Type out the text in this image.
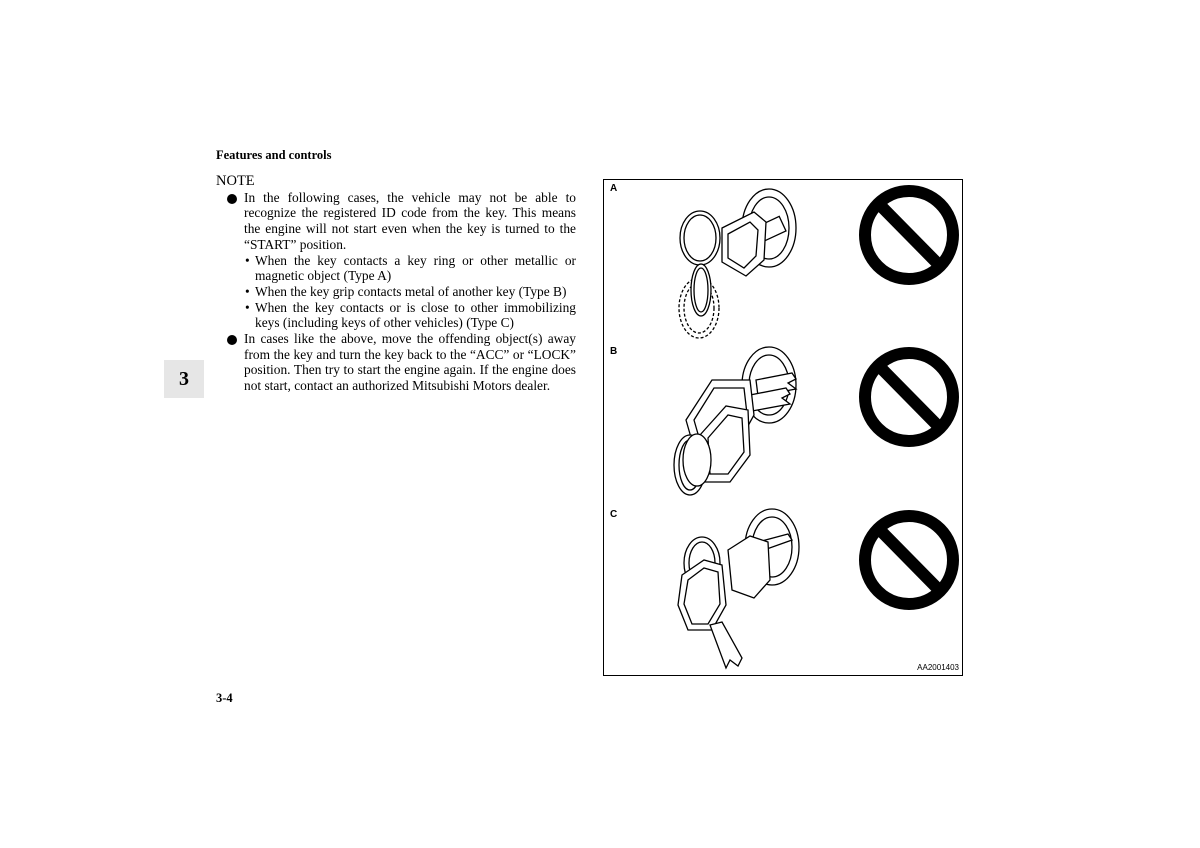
Features and controls
3
NOTE
In the following cases, the vehicle may not be able to recognize the registered ID code from the key. This means the engine will not start even when the key is turned to the “START” position.
• When the key contacts a key ring or other metallic or magnetic object (Type A)
• When the key grip contacts metal of another key (Type B)
• When the key contacts or is close to other immobilizing keys (including keys of other vehicles) (Type C)
In cases like the above, move the offending object(s) away from the key and turn the key back to the “ACC” or “LOCK” position. Then try to start the engine again. If the engine does not start, contact an authorized Mitsubishi Motors dealer.
A
B
C
AA2001403
3-4
